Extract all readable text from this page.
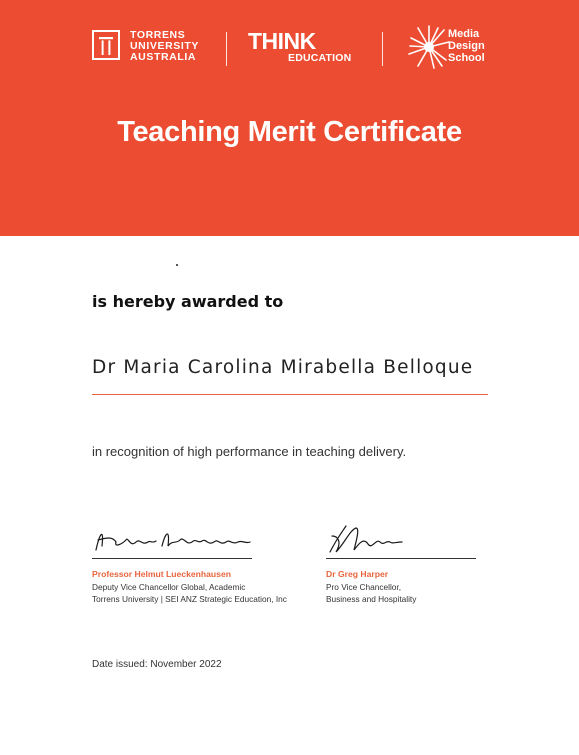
TORRENS
UNIVERSITY
AUSTRALIA
THINK
EDUCATION
Media
Design
School
Teaching Merit Certificate

is hereby awarded to

Dr Maria Carolina Mirabella Belloque

in recognition of high performance in teaching delivery.

Professor Helmut Lueckenhausen
Deputy Vice Chancellor Global, Academic
Torrens University | SEI ANZ Strategic Education, Inc
Dr Greg Harper
Pro Vice Chancellor,
Business and Hospitality

Date issued: November 2022
